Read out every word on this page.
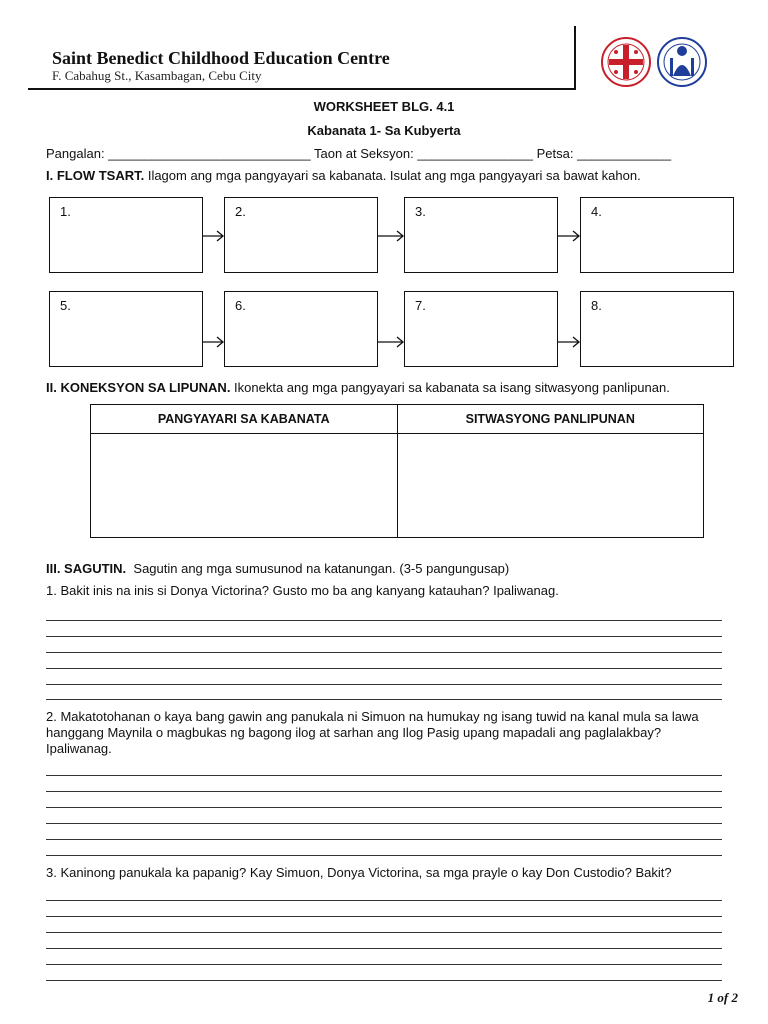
Saint Benedict Childhood Education Centre
F. Cabahug St., Kasambagan, Cebu City
WORKSHEET BLG. 4.1
Kabanata 1- Sa Kubyerta
Pangalan: ____________________________ Taon at Seksyon: ________________ Petsa: _____________
I. FLOW TSART. Ilagom ang mga pangyayari sa kabanata. Isulat ang mga pangyayari sa bawat kahon.
1.	2.	3.	4.
5.	6.	7.	8.
II. KONEKSYON SA LIPUNAN. Ikonekta ang mga pangyayari sa kabanata sa isang sitwasyong panlipunan.
PANGYAYARI SA KABANATA	SITWASYONG PANLIPUNAN

III. SAGUTIN.  Sagutin ang mga sumusunod na katanungan. (3-5 pangungusap)
1. Bakit inis na inis si Donya Victorina? Gusto mo ba ang kanyang katauhan? Ipaliwanag.
2. Makatotohanan o kaya bang gawin ang panukala ni Simuon na humukay ng isang tuwid na kanal mula sa lawa hanggang Maynila o magbukas ng bagong ilog at sarhan ang Ilog Pasig upang mapadali ang paglalakbay? Ipaliwanag.
3. Kaninong panukala ka papanig? Kay Simuon, Donya Victorina, sa mga prayle o kay Don Custodio? Bakit?
1 of 2
